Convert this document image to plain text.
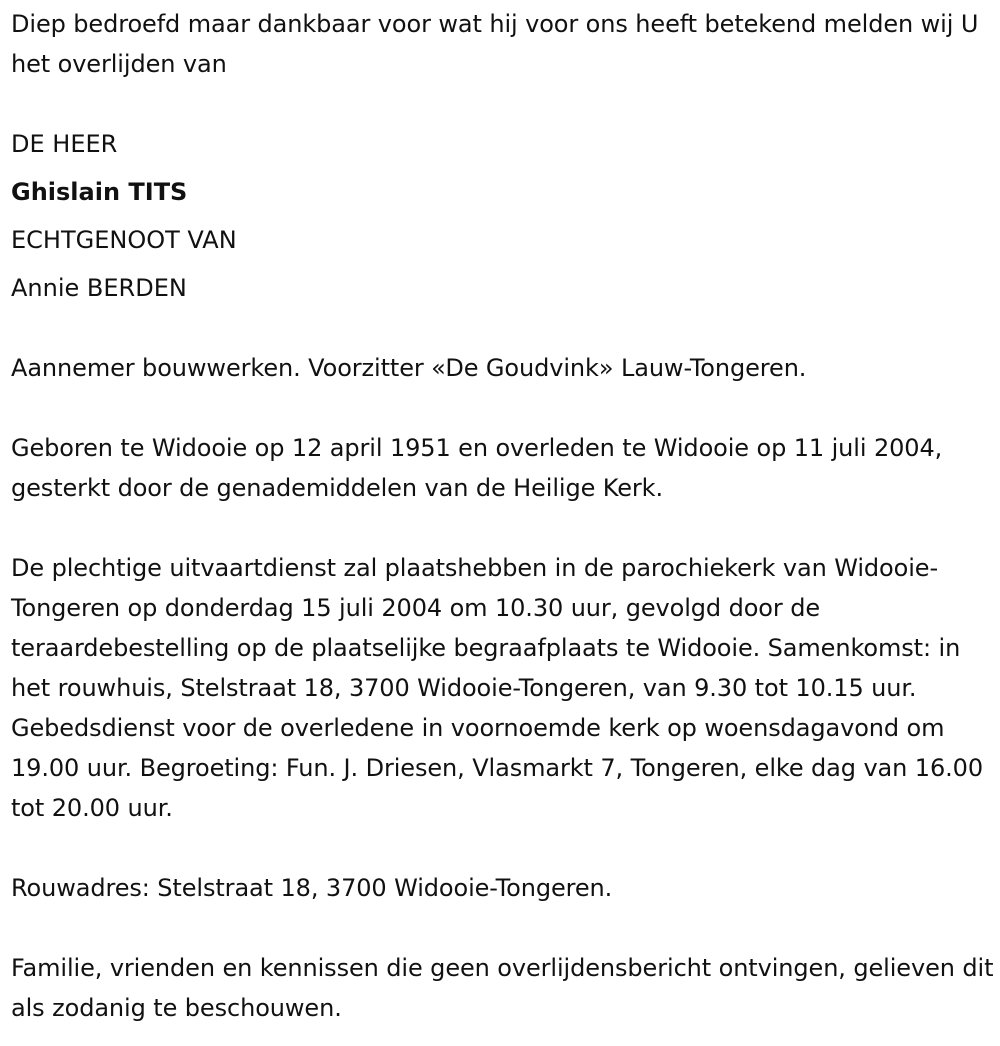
Diep bedroefd maar dankbaar voor wat hij voor ons heeft betekend melden wij U het overlijden van

DE HEER

Ghislain TITS

ECHTGENOOT VAN

Annie BERDEN

Aannemer bouwwerken. Voorzitter «De Goudvink» Lauw-Tongeren.

Geboren te Widooie op 12 april 1951 en overleden te Widooie op 11 juli 2004, gesterkt door de genademiddelen van de Heilige Kerk.

De plechtige uitvaartdienst zal plaatshebben in de parochiekerk van Widooie-Tongeren op donderdag 15 juli 2004 om 10.30 uur, gevolgd door de teraardebestelling op de plaatselijke begraafplaats te Widooie. Samenkomst: in het rouwhuis, Stelstraat 18, 3700 Widooie-Tongeren, van 9.30 tot 10.15 uur. Gebedsdienst voor de overledene in voornoemde kerk op woensdagavond om 19.00 uur. Begroeting: Fun. J. Driesen, Vlasmarkt 7, Tongeren, elke dag van 16.00 tot 20.00 uur.

Rouwadres: Stelstraat 18, 3700 Widooie-Tongeren.

Familie, vrienden en kennissen die geen overlijdensbericht ontvingen, gelieven dit als zodanig te beschouwen.
